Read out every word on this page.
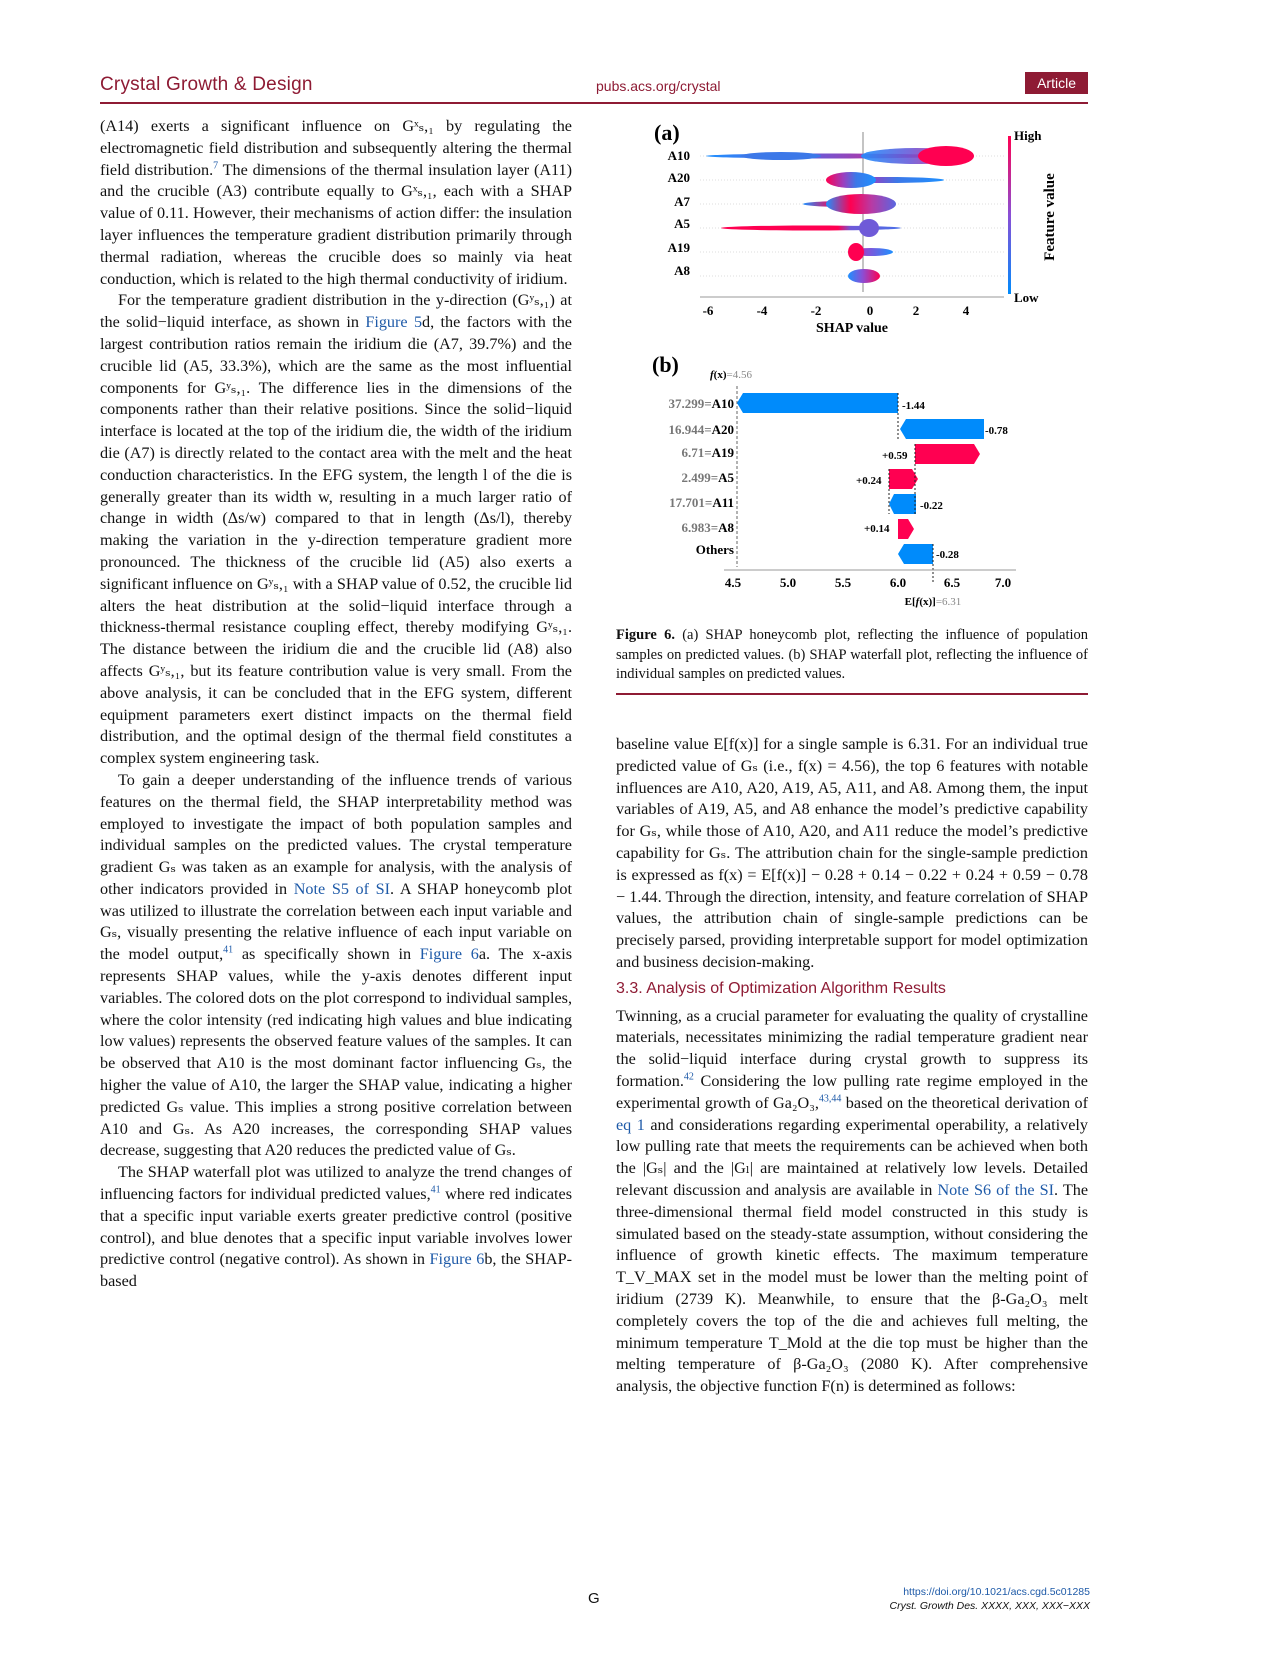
Crystal Growth & Design	pubs.acs.org/crystal	Article

(A14) exerts a significant influence on Gˣₛ,₁ by regulating the electromagnetic field distribution and subsequently altering the thermal field distribution.$^7$ The dimensions of the thermal insulation layer (A11) and the crucible (A3) contribute equally to Gˣₛ,₁, each with a SHAP value of 0.11. However, their mechanisms of action differ: the insulation layer influences the temperature gradient distribution primarily through thermal radiation, whereas the crucible does so mainly via heat conduction, which is related to the high thermal conductivity of iridium.

For the temperature gradient distribution in the y-direction (Gʸₛ,₁) at the solid−liquid interface, as shown in Figure 5d, the factors with the largest contribution ratios remain the iridium die (A7, 39.7%) and the crucible lid (A5, 33.3%), which are the same as the most influential components for Gʸₛ,₁. The difference lies in the dimensions of the components rather than their relative positions. Since the solid−liquid interface is located at the top of the iridium die, the width of the iridium die (A7) is directly related to the contact area with the melt and the heat conduction characteristics. In the EFG system, the length l of the die is generally greater than its width w, resulting in a much larger ratio of change in width (Δs/w) compared to that in length (Δs/l), thereby making the variation in the y-direction temperature gradient more pronounced. The thickness of the crucible lid (A5) also exerts a significant influence on Gʸₛ,₁ with a SHAP value of 0.52, the crucible lid alters the heat distribution at the solid−liquid interface through a thickness-thermal resistance coupling effect, thereby modifying Gʸₛ,₁. The distance between the iridium die and the crucible lid (A8) also affects Gʸₛ,₁, but its feature contribution value is very small. From the above analysis, it can be concluded that in the EFG system, different equipment parameters exert distinct impacts on the thermal field distribution, and the optimal design of the thermal field constitutes a complex system engineering task.

To gain a deeper understanding of the influence trends of various features on the thermal field, the SHAP interpretability method was employed to investigate the impact of both population samples and individual samples on the predicted values. The crystal temperature gradient Gₛ was taken as an example for analysis, with the analysis of other indicators provided in Note S5 of SI. A SHAP honeycomb plot was utilized to illustrate the correlation between each input variable and Gₛ, visually presenting the relative influence of each input variable on the model output,$^{41}$ as specifically shown in Figure 6a. The x-axis represents SHAP values, while the y-axis denotes different input variables. The colored dots on the plot correspond to individual samples, where the color intensity (red indicating high values and blue indicating low values) represents the observed feature values of the samples. It can be observed that A10 is the most dominant factor influencing Gₛ, the higher the value of A10, the larger the SHAP value, indicating a higher predicted Gₛ value. This implies a strong positive correlation between A10 and Gₛ. As A20 increases, the corresponding SHAP values decrease, suggesting that A20 reduces the predicted value of Gₛ.

The SHAP waterfall plot was utilized to analyze the trend changes of influencing factors for individual predicted values,$^{41}$ where red indicates that a specific input variable exerts greater predictive control (positive control), and blue denotes that a specific input variable involves lower predictive control (negative control). As shown in Figure 6b, the SHAP-based

(a)
A10
A20
A7
A5
A19
A8
-6	-4	-2	0	2	4
SHAP value
High
Low
Feature value
(b)	f(x)=4.56
37.299=A10
16.944=A20
6.71=A19
2.499=A5
17.701=A11
6.983=A8
Others
-1.44
-0.78
+0.59
+0.24
-0.22
+0.14
-0.28
4.5	5.0	5.5	6.0	6.5	7.0
E[f(x)]=6.31
Figure 6. (a) SHAP honeycomb plot, reflecting the influence of population samples on predicted values. (b) SHAP waterfall plot, reflecting the influence of individual samples on predicted values.

baseline value E[f(x)] for a single sample is 6.31. For an individual true predicted value of Gₛ (i.e., f(x) = 4.56), the top 6 features with notable influences are A10, A20, A19, A5, A11, and A8. Among them, the input variables of A19, A5, and A8 enhance the model’s predictive capability for Gₛ, while those of A10, A20, and A11 reduce the model’s predictive capability for Gₛ. The attribution chain for the single-sample prediction is expressed as f(x) = E[f(x)] − 0.28 + 0.14 − 0.22 + 0.24 + 0.59 − 0.78 − 1.44. Through the direction, intensity, and feature correlation of SHAP values, the attribution chain of single-sample predictions can be precisely parsed, providing interpretable support for model optimization and business decision-making.

3.3. Analysis of Optimization Algorithm Results

Twinning, as a crucial parameter for evaluating the quality of crystalline materials, necessitates minimizing the radial temperature gradient near the solid−liquid interface during crystal growth to suppress its formation.$^{42}$ Considering the low pulling rate regime employed in the experimental growth of Ga₂O₃,$^{43,44}$ based on the theoretical derivation of eq 1 and considerations regarding experimental operability, a relatively low pulling rate that meets the requirements can be achieved when both the |Gₛ| and the |Gₗ| are maintained at relatively low levels. Detailed relevant discussion and analysis are available in Note S6 of the SI. The three-dimensional thermal field model constructed in this study is simulated based on the steady-state assumption, without considering the influence of growth kinetic effects. The maximum temperature T_V_MAX set in the model must be lower than the melting point of iridium (2739 K). Meanwhile, to ensure that the β-Ga₂O₃ melt completely covers the top of the die and achieves full melting, the minimum temperature T_Mold at the die top must be higher than the melting temperature of β-Ga₂O₃ (2080 K). After comprehensive analysis, the objective function F(n) is determined as follows:

G	https://doi.org/10.1021/acs.cgd.5c01285
Cryst. Growth Des. XXXX, XXX, XXX−XXX
